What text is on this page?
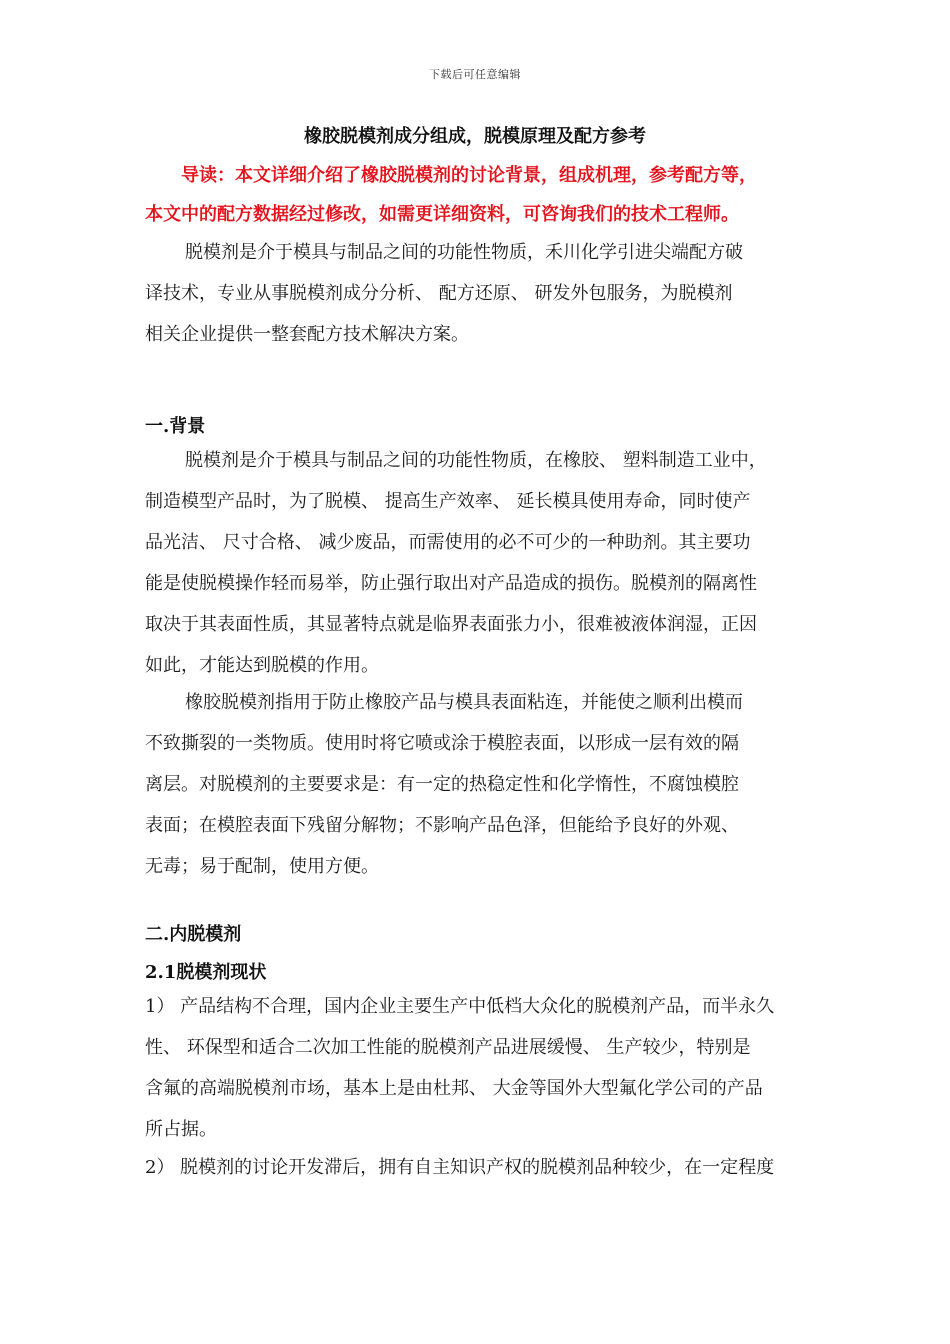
下载后可任意编辑
橡胶脱模剂成分组成，脱模原理及配方参考
导读：本文详细介绍了橡胶脱模剂的讨论背景，组成机理，参考配方等，
本文中的配方数据经过修改，如需更详细资料，可咨询我们的技术工程师。
脱模剂是介于模具与制品之间的功能性物质，禾川化学引进尖端配方破
译技术，专业从事脱模剂成分分析、 配方还原、 研发外包服务，为脱模剂
相关企业提供一整套配方技术解决方案。
一.背景
脱模剂是介于模具与制品之间的功能性物质，在橡胶、 塑料制造工业中，
制造模型产品时，为了脱模、 提高生产效率、 延长模具使用寿命，同时使产
品光洁、 尺寸合格、 减少废品，而需使用的必不可少的一种助剂。其主要功
能是使脱模操作轻而易举，防止强行取出对产品造成的损伤。脱模剂的隔离性
取决于其表面性质，其显著特点就是临界表面张力小，很难被液体润湿，正因
如此，才能达到脱模的作用。
橡胶脱模剂指用于防止橡胶产品与模具表面粘连，并能使之顺利出模而
不致撕裂的一类物质。使用时将它喷或涂于模腔表面，以形成一层有效的隔
离层。对脱模剂的主要要求是：有一定的热稳定性和化学惰性，不腐蚀模腔
表面；在模腔表面下残留分解物；不影响产品色泽，但能给予良好的外观、
无毒；易于配制，使用方便。
二.内脱模剂
2.1脱模剂现状
1） 产品结构不合理，国内企业主要生产中低档大众化的脱模剂产品，而半永久
性、 环保型和适合二次加工性能的脱模剂产品进展缓慢、 生产较少，特别是
含氟的高端脱模剂市场，基本上是由杜邦、 大金等国外大型氟化学公司的产品
所占据。
2） 脱模剂的讨论开发滞后，拥有自主知识产权的脱模剂品种较少，在一定程度
